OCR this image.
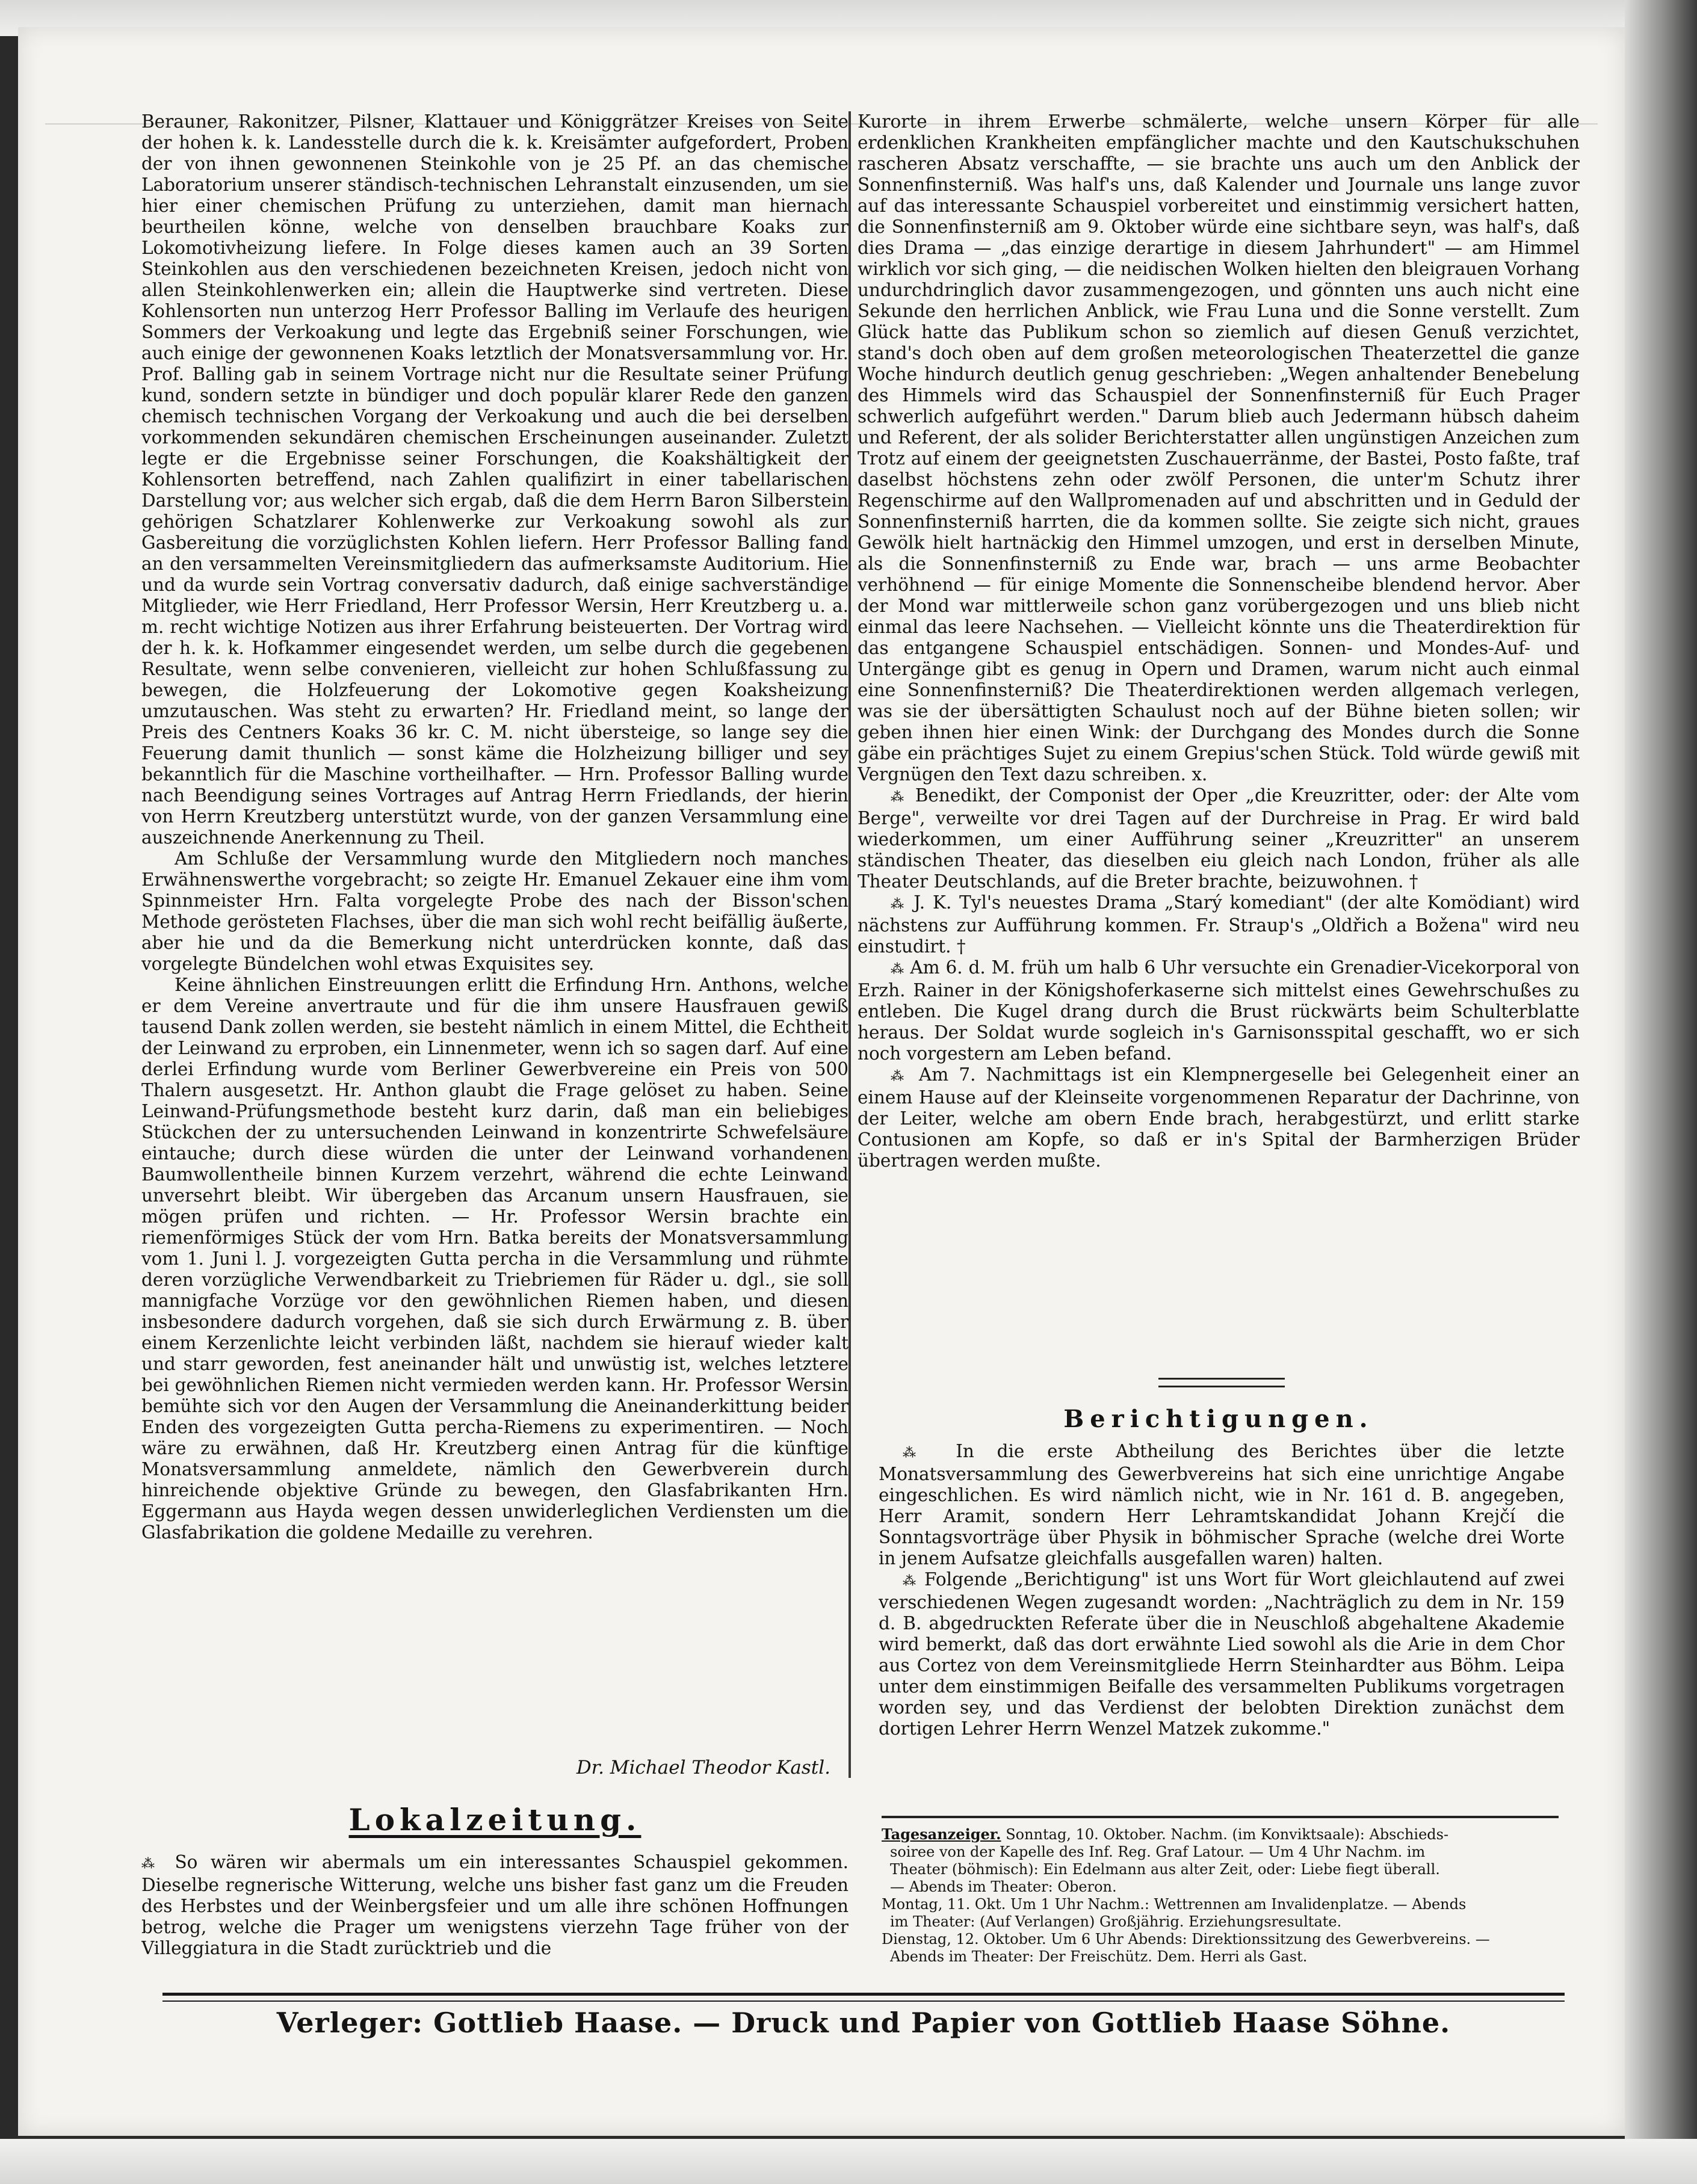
Berauner, Rakonitzer, Pilsner, Klattauer und Königgrätzer Kreises von Seite der hohen k. k. Landesstelle durch die k. k. Kreisämter aufgefordert, Proben der von ihnen gewonnenen Steinkohle von je 25 Pf. an das chemische Laboratorium unserer ständisch-technischen Lehranstalt einzusenden, um sie hier einer chemischen Prüfung zu unterziehen, damit man hiernach beurtheilen könne, welche von denselben brauchbare Koaks zur Lokomotivheizung liefere. In Folge dieses kamen auch an 39 Sorten Steinkohlen aus den verschiedenen bezeichneten Kreisen, jedoch nicht von allen Steinkohlenwerken ein; allein die Hauptwerke sind vertreten. Diese Kohlensorten nun unterzog Herr Professor Balling im Verlaufe des heurigen Sommers der Verkoakung und legte das Ergebniß seiner Forschungen, wie auch einige der gewonnenen Koaks letztlich der Monatsversammlung vor. Hr. Prof. Balling gab in seinem Vortrage nicht nur die Resultate seiner Prüfung kund, sondern setzte in bündiger und doch populär klarer Rede den ganzen chemisch technischen Vorgang der Verkoakung und auch die bei derselben vorkommenden sekundären chemischen Erscheinungen auseinander. Zuletzt legte er die Ergebnisse seiner Forschungen, die Koakshältigkeit der Kohlensorten betreffend, nach Zahlen qualifizirt in einer tabellarischen Darstellung vor; aus welcher sich ergab, daß die dem Herrn Baron Silberstein gehörigen Schatzlarer Kohlenwerke zur Verkoakung sowohl als zur Gasbereitung die vorzüglichsten Kohlen liefern. Herr Professor Balling fand an den versammelten Vereinsmitgliedern das aufmerksamste Auditorium. Hie und da wurde sein Vortrag conversativ dadurch, daß einige sachverständige Mitglieder, wie Herr Friedland, Herr Professor Wersin, Herr Kreutzberg u. a. m. recht wichtige Notizen aus ihrer Erfahrung beisteuerten. Der Vortrag wird der h. k. k. Hofkammer eingesendet werden, um selbe durch die gegebenen Resultate, wenn selbe convenieren, vielleicht zur hohen Schlußfassung zu bewegen, die Holzfeuerung der Lokomotive gegen Koaksheizung umzutauschen. Was steht zu erwarten? Hr. Friedland meint, so lange der Preis des Centners Koaks 36 kr. C. M. nicht übersteige, so lange sey die Feuerung damit thunlich — sonst käme die Holzheizung billiger und sey bekanntlich für die Maschine vortheilhafter. — Hrn. Professor Balling wurde nach Beendigung seines Vortrages auf Antrag Herrn Friedlands, der hierin von Herrn Kreutzberg unterstützt wurde, von der ganzen Versammlung eine auszeichnende Anerkennung zu Theil.

Am Schluße der Versammlung wurde den Mitgliedern noch manches Erwähnenswerthe vorgebracht; so zeigte Hr. Emanuel Zekauer eine ihm vom Spinnmeister Hrn. Falta vorgelegte Probe des nach der Bisson'schen Methode gerösteten Flachses, über die man sich wohl recht beifällig äußerte, aber hie und da die Bemerkung nicht unterdrücken konnte, daß das vorgelegte Bündelchen wohl etwas Exquisites sey.

Keine ähnlichen Einstreuungen erlitt die Erfindung Hrn. Anthons, welche er dem Vereine anvertraute und für die ihm unsere Hausfrauen gewiß tausend Dank zollen werden, sie besteht nämlich in einem Mittel, die Echtheit der Leinwand zu erproben, ein Linnenmeter, wenn ich so sagen darf. Auf eine derlei Erfindung wurde vom Berliner Gewerbvereine ein Preis von 500 Thalern ausgesetzt. Hr. Anthon glaubt die Frage gelöset zu haben. Seine Leinwand-Prüfungsmethode besteht kurz darin, daß man ein beliebiges Stückchen der zu untersuchenden Leinwand in konzentrirte Schwefelsäure eintauche; durch diese würden die unter der Leinwand vorhandenen Baumwollentheile binnen Kurzem verzehrt, während die echte Leinwand unversehrt bleibt. Wir übergeben das Arcanum unsern Hausfrauen, sie mögen prüfen und richten. — Hr. Professor Wersin brachte ein riemenförmiges Stück der vom Hrn. Batka bereits der Monatsversammlung vom 1. Juni l. J. vorgezeigten Gutta percha in die Versammlung und rühmte deren vorzügliche Verwendbarkeit zu Triebriemen für Räder u. dgl., sie soll mannigfache Vorzüge vor den gewöhnlichen Riemen haben, und diesen insbesondere dadurch vorgehen, daß sie sich durch Erwärmung z. B. über einem Kerzenlichte leicht verbinden läßt, nachdem sie hierauf wieder kalt und starr geworden, fest aneinander hält und unwüstig ist, welches letztere bei gewöhnlichen Riemen nicht vermieden werden kann. Hr. Professor Wersin bemühte sich vor den Augen der Versammlung die Aneinanderkittung beider Enden des vorgezeigten Gutta percha-Riemens zu experimentiren. — Noch wäre zu erwähnen, daß Hr. Kreutzberg einen Antrag für die künftige Monatsversammlung anmeldete, nämlich den Gewerbverein durch hinreichende objektive Gründe zu bewegen, den Glasfabrikanten Hrn. Eggermann aus Hayda wegen dessen unwiderleglichen Verdiensten um die Glasfabrikation die goldene Medaille zu verehren.

Dr. Michael Theodor Kastl.
Lokalzeitung.
⁂ So wären wir abermals um ein interessantes Schauspiel gekommen. Dieselbe regnerische Witterung, welche uns bisher fast ganz um die Freuden des Herbstes und der Weinbergsfeier und um alle ihre schönen Hoffnungen betrog, welche die Prager um wenigstens vierzehn Tage früher von der Villeggiatura in die Stadt zurücktrieb und die

Kurorte in ihrem Erwerbe schmälerte, welche unsern Körper für alle erdenklichen Krankheiten empfänglicher machte und den Kautschukschuhen rascheren Absatz verschaffte, — sie brachte uns auch um den Anblick der Sonnenfinsterniß. Was half's uns, daß Kalender und Journale uns lange zuvor auf das interessante Schauspiel vorbereitet und einstimmig versichert hatten, die Sonnenfinsterniß am 9. Oktober würde eine sichtbare seyn, was half's, daß dies Drama — „das einzige derartige in diesem Jahrhundert" — am Himmel wirklich vor sich ging, — die neidischen Wolken hielten den bleigrauen Vorhang undurchdringlich davor zusammengezogen, und gönnten uns auch nicht eine Sekunde den herrlichen Anblick, wie Frau Luna und die Sonne verstellt. Zum Glück hatte das Publikum schon so ziemlich auf diesen Genuß verzichtet, stand's doch oben auf dem großen meteorologischen Theaterzettel die ganze Woche hindurch deutlich genug geschrieben: „Wegen anhaltender Benebelung des Himmels wird das Schauspiel der Sonnenfinsterniß für Euch Prager schwerlich aufgeführt werden." Darum blieb auch Jedermann hübsch daheim und Referent, der als solider Berichterstatter allen ungünstigen Anzeichen zum Trotz auf einem der geeignetsten Zuschauerränme, der Bastei, Posto faßte, traf daselbst höchstens zehn oder zwölf Personen, die unter'm Schutz ihrer Regenschirme auf den Wallpromenaden auf und abschritten und in Geduld der Sonnenfinsterniß harrten, die da kommen sollte. Sie zeigte sich nicht, graues Gewölk hielt hartnäckig den Himmel umzogen, und erst in derselben Minute, als die Sonnenfinsterniß zu Ende war, brach — uns arme Beobachter verhöhnend — für einige Momente die Sonnenscheibe blendend hervor. Aber der Mond war mittlerweile schon ganz vorübergezogen und uns blieb nicht einmal das leere Nachsehen. — Vielleicht könnte uns die Theaterdirektion für das entgangene Schauspiel entschädigen. Sonnen- und Mondes-Auf- und Untergänge gibt es genug in Opern und Dramen, warum nicht auch einmal eine Sonnenfinsterniß? Die Theaterdirektionen werden allgemach verlegen, was sie der übersättigten Schaulust noch auf der Bühne bieten sollen; wir geben ihnen hier einen Wink: der Durchgang des Mondes durch die Sonne gäbe ein prächtiges Sujet zu einem Grepius'schen Stück. Told würde gewiß mit Vergnügen den Text dazu schreiben. x.

⁂ Benedikt, der Componist der Oper „die Kreuzritter, oder: der Alte vom Berge", verweilte vor drei Tagen auf der Durchreise in Prag. Er wird bald wiederkommen, um einer Aufführung seiner „Kreuzritter" an unserem ständischen Theater, das dieselben eiu gleich nach London, früher als alle Theater Deutschlands, auf die Breter brachte, beizuwohnen. †

⁂ J. K. Tyl's neuestes Drama „Starý komediant" (der alte Komödiant) wird nächstens zur Aufführung kommen. Fr. Straup's „Oldřich a Božena" wird neu einstudirt. †

⁂ Am 6. d. M. früh um halb 6 Uhr versuchte ein Grenadier-Vicekorporal von Erzh. Rainer in der Königshoferkaserne sich mittelst eines Gewehrschußes zu entleben. Die Kugel drang durch die Brust rückwärts beim Schulterblatte heraus. Der Soldat wurde sogleich in's Garnisonsspital geschafft, wo er sich noch vorgestern am Leben befand.

⁂ Am 7. Nachmittags ist ein Klempnergeselle bei Gelegenheit einer an einem Hause auf der Kleinseite vorgenommenen Reparatur der Dachrinne, von der Leiter, welche am obern Ende brach, herabgestürzt, und erlitt starke Contusionen am Kopfe, so daß er in's Spital der Barmherzigen Brüder übertragen werden mußte.

Berichtigungen.

⁂ In die erste Abtheilung des Berichtes über die letzte Monatsversammlung des Gewerbvereins hat sich eine unrichtige Angabe eingeschlichen. Es wird nämlich nicht, wie in Nr. 161 d. B. angegeben, Herr Aramit, sondern Herr Lehramtskandidat Johann Krejčí die Sonntagsvorträge über Physik in böhmischer Sprache (welche drei Worte in jenem Aufsatze gleichfalls ausgefallen waren) halten.

⁂ Folgende „Berichtigung" ist uns Wort für Wort gleichlautend auf zwei verschiedenen Wegen zugesandt worden: „Nachträglich zu dem in Nr. 159 d. B. abgedruckten Referate über die in Neuschloß abgehaltene Akademie wird bemerkt, daß das dort erwähnte Lied sowohl als die Arie in dem Chor aus Cortez von dem Vereinsmitgliede Herrn Steinhardter aus Böhm. Leipa unter dem einstimmigen Beifalle des versammelten Publikums vorgetragen worden sey, und das Verdienst der belobten Direktion zunächst dem dortigen Lehrer Herrn Wenzel Matzek zukomme."

Tagesanzeiger. Sonntag, 10. Oktober. Nachm. (im Konviktsaale): Abschieds-

soiree von der Kapelle des Inf. Reg. Graf Latour. — Um 4 Uhr Nachm. im

Theater (böhmisch): Ein Edelmann aus alter Zeit, oder: Liebe fiegt überall.

— Abends im Theater: Oberon.

Montag, 11. Okt. Um 1 Uhr Nachm.: Wettrennen am Invalidenplatze. — Abends

im Theater: (Auf Verlangen) Großjährig. Erziehungsresultate.

Dienstag, 12. Oktober. Um 6 Uhr Abends: Direktionssitzung des Gewerbvereins. —

Abends im Theater: Der Freischütz. Dem. Herri als Gast.

Verleger: Gottlieb Haase. — Druck und Papier von Gottlieb Haase Söhne.
